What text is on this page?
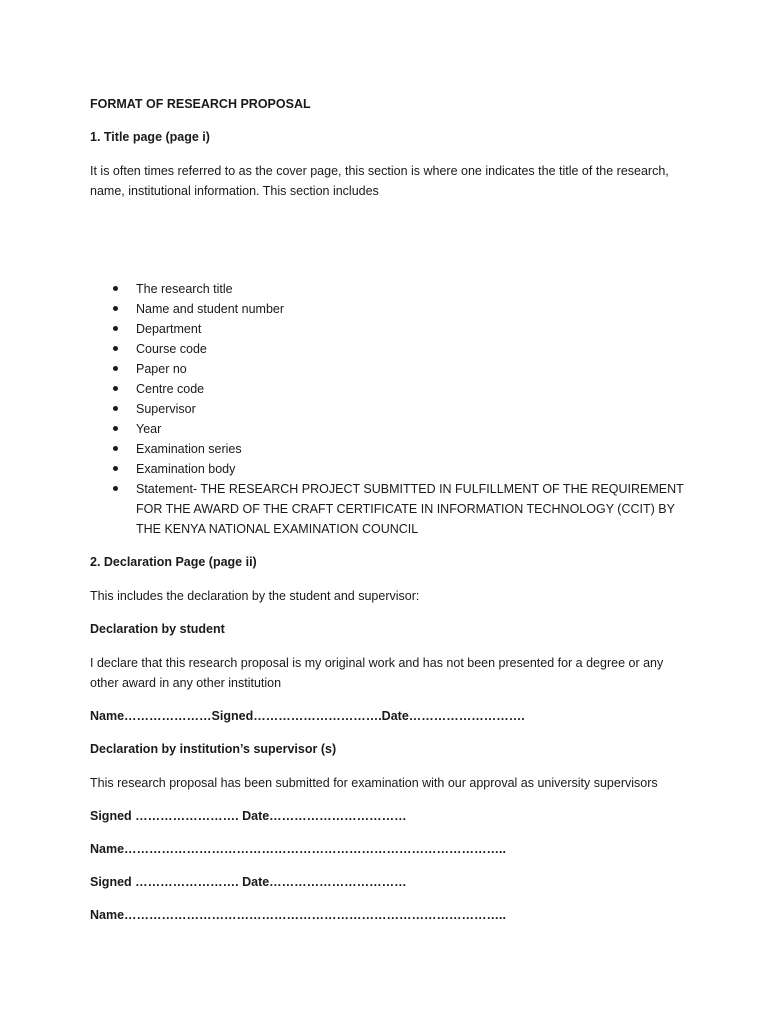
FORMAT OF RESEARCH PROPOSAL

1. Title page (page i)

It is often times referred to as the cover page, this section is where one indicates the title of the research, name, institutional information. This section includes

The research title
Name and student number
Department
Course code
Paper no
Centre code
Supervisor
Year
Examination series
Examination body
Statement- THE RESEARCH PROJECT SUBMITTED IN FULFILLMENT OF THE REQUIREMENT FOR THE AWARD OF THE CRAFT CERTIFICATE IN INFORMATION TECHNOLOGY (CCIT) BY THE KENYA NATIONAL EXAMINATION COUNCIL

2. Declaration Page (page ii)

This includes the declaration by the student and supervisor:

Declaration by student

I declare that this research proposal is my original work and has not been presented for a degree or any other award in any other institution

Name…………………Signed………………………….Date……………………….

Declaration by institution’s supervisor (s)

This research proposal has been submitted for examination with our approval as university supervisors

Signed ……………………. Date……………………………

Name………………………………………………………………………………..

Signed ……………………. Date……………………………

Name………………………………………………………………………………..
